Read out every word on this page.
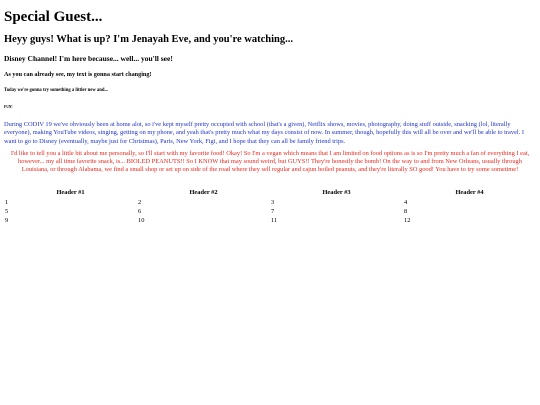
Special Guest...
Heyy guys! What is up? I'm Jenayah Eve, and you're watching...
Disney Channel! I'm here because... well... you'll see!
As you can already see, my text is gonna start changing!
Today we're gonna try something a littler new and...
FUN!

During CODIV 19 we've obviously been at home alot, so i've kept myself pretty occupied with school (that's a given), Netflix shows, movies, photography, doing stuff outside, snacking (lol, literally everyone), making YouTube videos, singing, getting on my phone, and yeah that's pretty much what my days consist of now. In summer, though, hopefully this will all be over and we'll be able to travel. I want to go to Disney (eventually, maybe just for Christmas), Paris, New York, Figi, and I hope that they can all be family friend trips.

I'd like to tell you a little bit about me personally, so I'll start with my favorite food! Okay! So I'm a vegan which means that I am limited on food options as is so I'm pretty much a fan of everything I eat, however... my all time favorite snack, is... BIOLED PEANUTS!! So I KNOW that may sound weird, but GUYS!! They're honestly the bomb! On the way to and from New Orleans, usually through Louisiana, or through Alabama, we find a small shop or set up on side of the road where they sell regular and cajun boiled peanuts, and they're literally SO good! You have to try some sometime!

Header #1	Header #2	Header #3	Header #4
1	2	3	4
5	6	7	8
9	10	11	12
